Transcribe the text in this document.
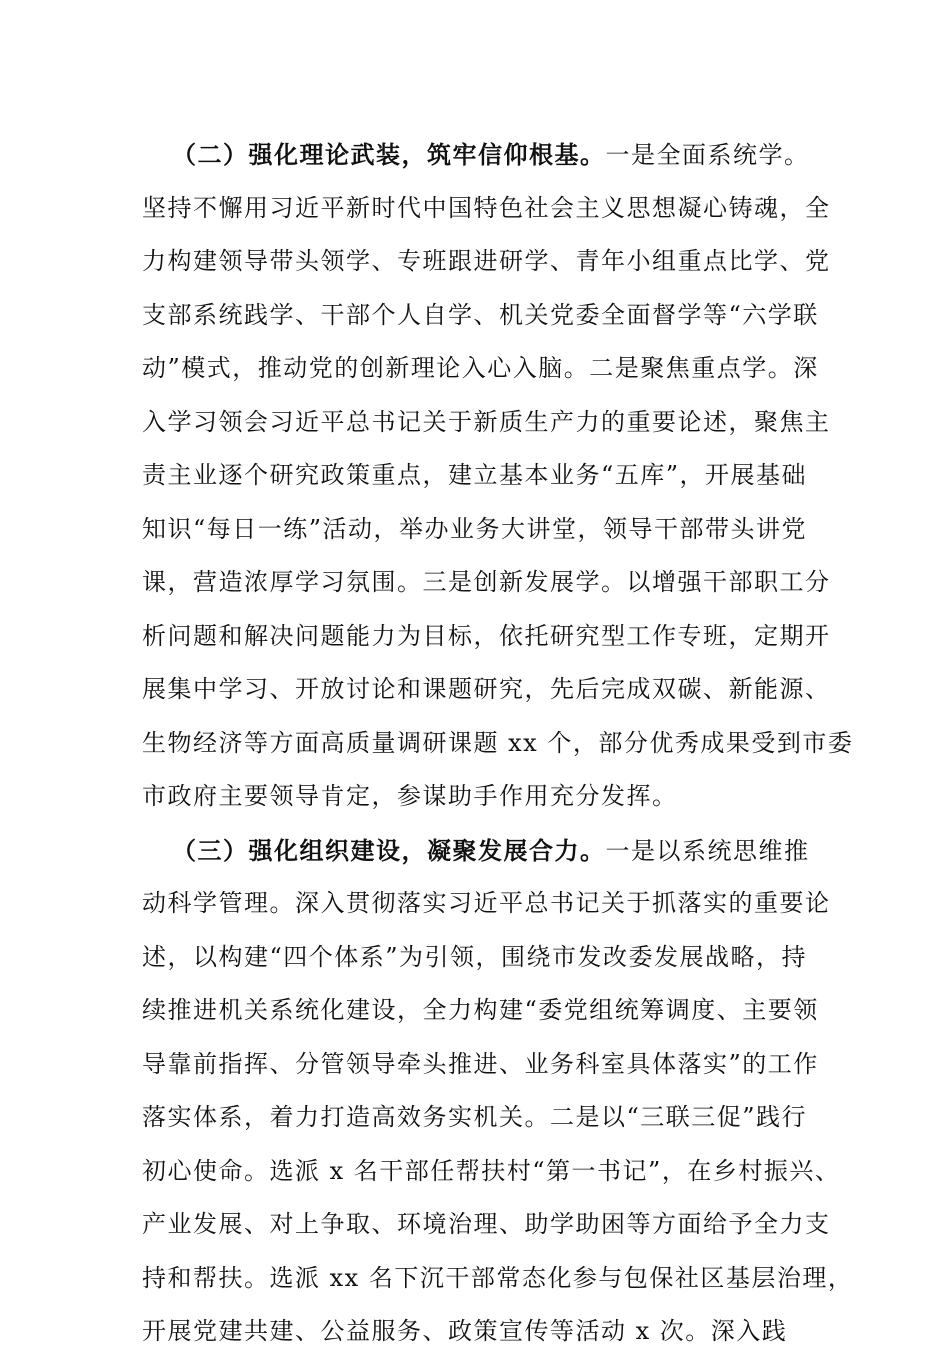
（二）强化理论武装，筑牢信仰根基。一是全面系统学。
坚持不懈用习近平新时代中国特色社会主义思想凝心铸魂，全
力构建领导带头领学、专班跟进研学、青年小组重点比学、党
支部系统践学、干部个人自学、机关党委全面督学等“六学联
动”模式，推动党的创新理论入心入脑。二是聚焦重点学。深
入学习领会习近平总书记关于新质生产力的重要论述，聚焦主
责主业逐个研究政策重点，建立基本业务“五库”，开展基础
知识“每日一练”活动，举办业务大讲堂，领导干部带头讲党
课，营造浓厚学习氛围。三是创新发展学。以增强干部职工分
析问题和解决问题能力为目标，依托研究型工作专班，定期开
展集中学习、开放讨论和课题研究，先后完成双碳、新能源、
生物经济等方面高质量调研课题 xx 个，部分优秀成果受到市委
市政府主要领导肯定，参谋助手作用充分发挥。
（三）强化组织建设，凝聚发展合力。一是以系统思维推
动科学管理。深入贯彻落实习近平总书记关于抓落实的重要论
述，以构建“四个体系”为引领，围绕市发改委发展战略，持
续推进机关系统化建设，全力构建“委党组统筹调度、主要领
导靠前指挥、分管领导牵头推进、业务科室具体落实”的工作
落实体系，着力打造高效务实机关。二是以“三联三促”践行
初心使命。选派 x 名干部任帮扶村“第一书记”，在乡村振兴、
产业发展、对上争取、环境治理、助学助困等方面给予全力支
持和帮扶。选派 xx 名下沉干部常态化参与包保社区基层治理，
开展党建共建、公益服务、政策宣传等活动 x 次。深入践
